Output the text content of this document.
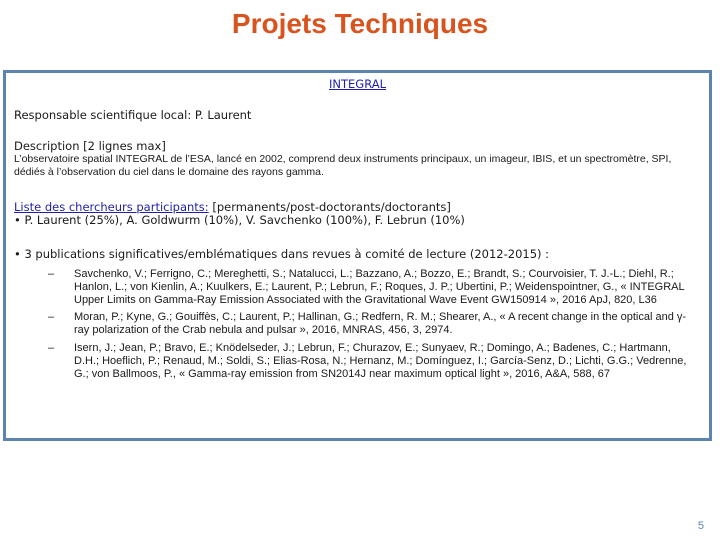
Projets Techniques
INTEGRAL
Responsable scientifique local: P. Laurent
Description [2 lignes max]
L’observatoire spatial INTEGRAL de l’ESA, lancé en 2002, comprend deux instruments principaux, un imageur, IBIS, et un spectromètre, SPI, dédiés à l’observation du ciel dans le domaine des rayons gamma.
Liste des chercheurs participants: [permanents/post-doctorants/doctorants]
• P. Laurent (25%), A. Goldwurm (10%), V. Savchenko (100%), F. Lebrun (10%)
• 3 publications significatives/emblématiques dans revues à comité de lecture (2012-2015) :
– Savchenko, V.; Ferrigno, C.; Mereghetti, S.; Natalucci, L.; Bazzano, A.; Bozzo, E.; Brandt, S.; Courvoisier, T. J.-L.; Diehl, R.; Hanlon, L.; von Kienlin, A.; Kuulkers, E.; Laurent, P.; Lebrun, F.; Roques, J. P.; Ubertini, P.; Weidenspointner, G., « INTEGRAL Upper Limits on Gamma-Ray Emission Associated with the Gravitational Wave Event GW150914 », 2016 ApJ, 820, L36
– Moran, P.; Kyne, G.; Gouiffès, C.; Laurent, P.; Hallinan, G.; Redfern, R. M.; Shearer, A., « A recent change in the optical and γ-ray polarization of the Crab nebula and pulsar », 2016, MNRAS, 456, 3, 2974.
– Isern, J.; Jean, P.; Bravo, E.; Knödelseder, J.; Lebrun, F.; Churazov, E.; Sunyaev, R.; Domingo, A.; Badenes, C.; Hartmann, D.H.; Hoeflich, P.; Renaud, M.; Soldi, S.; Elias-Rosa, N.; Hernanz, M.; Domínguez, I.; García-Senz, D.; Lichti, G.G.; Vedrenne, G.; von Ballmoos, P., « Gamma-ray emission from SN2014J near maximum optical light », 2016, A&A, 588, 67
5
